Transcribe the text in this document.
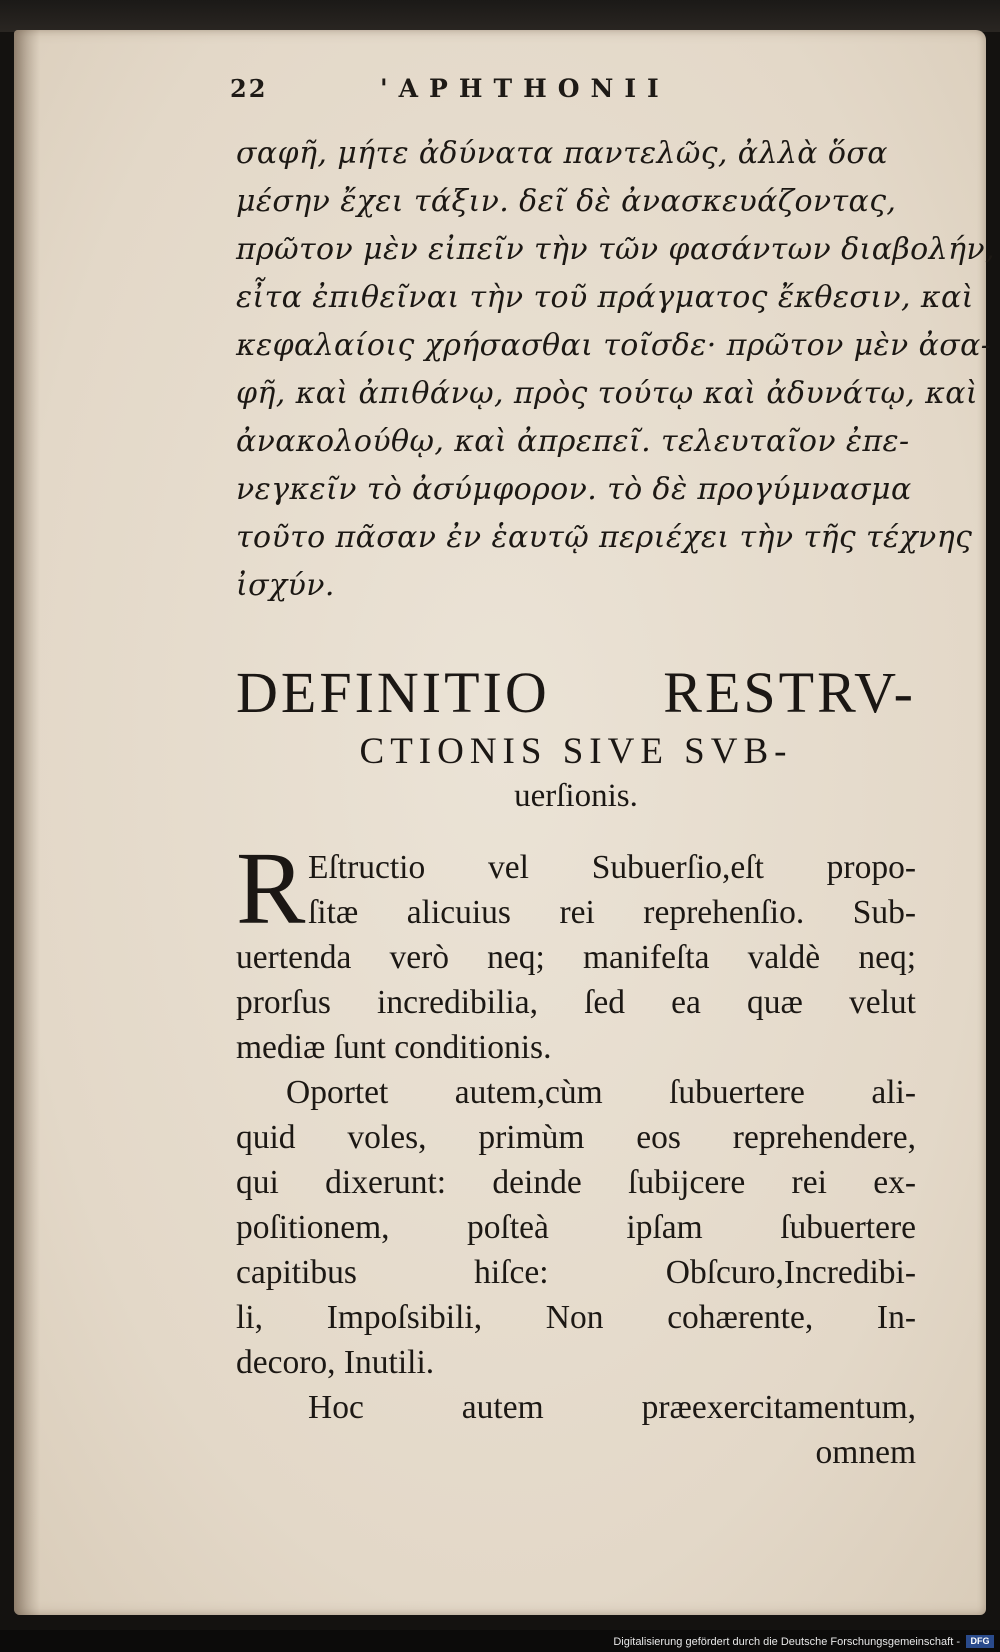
22	'APHTHONII
σαφῆ, μήτε ἀδύνατα παντελῶς, ἀλλὰ ὅσα
μέσην ἔχει τάξιν. δεῖ δὲ ἀνασκευάζοντας,
πρῶτον μὲν εἰπεῖν τὴν τῶν φασάντων διαβολήν,
εἶτα ἐπιθεῖναι τὴν τοῦ πράγματος ἔκθεσιν, καὶ
κεφαλαίοις χρήσασθαι τοῖσδε· πρῶτον μὲν ἀσα-
φῆ, καὶ ἀπιθάνῳ, πρὸς τούτῳ καὶ ἀδυνάτῳ, καὶ
ἀνακολούθῳ, καὶ ἀπρεπεῖ. τελευταῖον ἐπε-
νεγκεῖν τὸ ἀσύμφορον. τὸ δὲ προγύμνασμα
τοῦτο πᾶσαν ἐν ἑαυτῷ περιέχει τὴν τῆς τέχνης
ἰσχύν.
DEFINITIO RESTRV-
CTIONIS SIVE SVB-
uerſionis.
R Eſtructio vel Subuerſio,eſt propo-
ſitæ alicuius rei reprehenſio. Sub-
uertenda verò neq; manifeſta valdè neq;
prorſus incredibilia, ſed ea quæ velut
mediæ ſunt conditionis.
Oportet autem,cùm ſubuertere ali-
quid voles, primùm eos reprehendere,
qui dixerunt: deinde ſubijcere rei ex-
poſitionem, poſteà ipſam ſubuertere
capitibus hiſce: Obſcuro,Incredibi-
li, Impoſsibili, Non cohærente, In-
decoro, Inutili.
Hoc autem præexercitamentum,
omnem
Digitalisierung gefördert durch die Deutsche Forschungsgemeinschaft -	DFG
